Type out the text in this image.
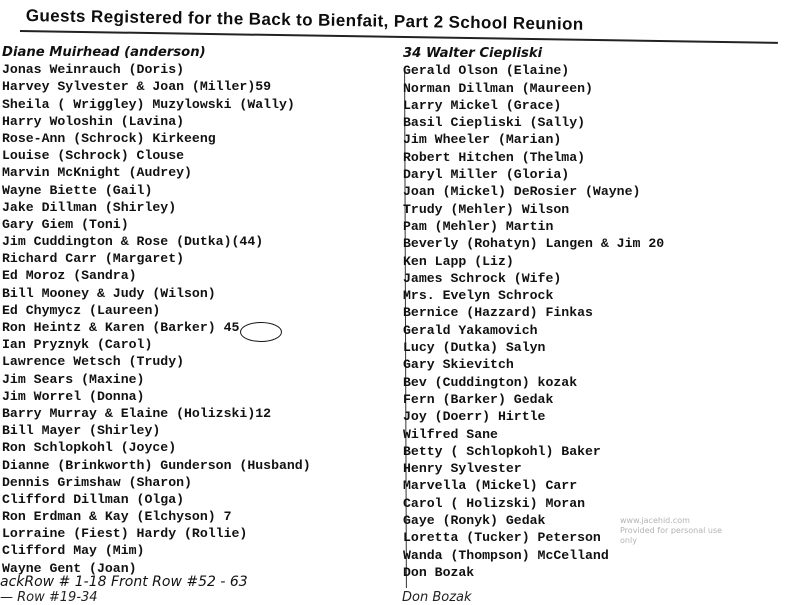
Guests Registered for the Back to Bienfait, Part 2 School Reunion
Diane Muirhead (anderson)
Jonas Weinrauch (Doris)
Harvey Sylvester & Joan (Miller)59
Sheila ( Wriggley) Muzylowski (Wally)
Harry Woloshin (Lavina)
Rose-Ann (Schrock) Kirkeeng
Louise (Schrock) Clouse
Marvin McKnight (Audrey)
Wayne Biette (Gail)
Jake Dillman (Shirley)
Gary Giem (Toni)
Jim Cuddington & Rose (Dutka)(44)
Richard Carr (Margaret)
Ed Moroz (Sandra)
Bill Mooney & Judy (Wilson)
Ed Chymycz (Laureen)
Ron Heintz & Karen (Barker) 45
Ian Pryznyk (Carol)
Lawrence Wetsch (Trudy)
Jim Sears (Maxine)
Jim Worrel (Donna)
Barry Murray & Elaine (Holizski)12
Bill Mayer (Shirley)
Ron Schlopkohl (Joyce)
Dianne (Brinkworth) Gunderson (Husband)
Dennis Grimshaw (Sharon)
Clifford Dillman (Olga)
Ron Erdman & Kay (Elchyson) 7
Lorraine (Fiest) Hardy (Rollie)
Clifford May (Mim)
Wayne Gent (Joan)
34 Walter Ciepliski
Gerald Olson (Elaine)
Norman Dillman (Maureen)
Larry Mickel (Grace)
Basil Ciepliski (Sally)
Jim Wheeler (Marian)
Robert Hitchen (Thelma)
Daryl Miller (Gloria)
Joan (Mickel) DeRosier (Wayne)
Trudy (Mehler) Wilson
Pam (Mehler) Martin
Beverly (Rohatyn) Langen & Jim 20
Ken Lapp (Liz)
James Schrock (Wife)
Mrs. Evelyn Schrock
Bernice (Hazzard) Finkas
Gerald Yakamovich
Lucy (Dutka) Salyn
Gary Skievitch
Bev (Cuddington) kozak
Fern (Barker) Gedak
Joy (Doerr) Hirtle
Wilfred Sane
Betty ( Schlopkohl) Baker
Henry Sylvester
Marvella (Mickel) Carr
Carol ( Holizski) Moran
Gaye (Ronyk) Gedak
Loretta (Tucker) Peterson
Wanda (Thompson) McCelland
Don Bozak
ackRow # 1-18 Front Row #52 - 63
— Row #19-34	Don Bozak
www.jacehid.com
Provided for personal use only
